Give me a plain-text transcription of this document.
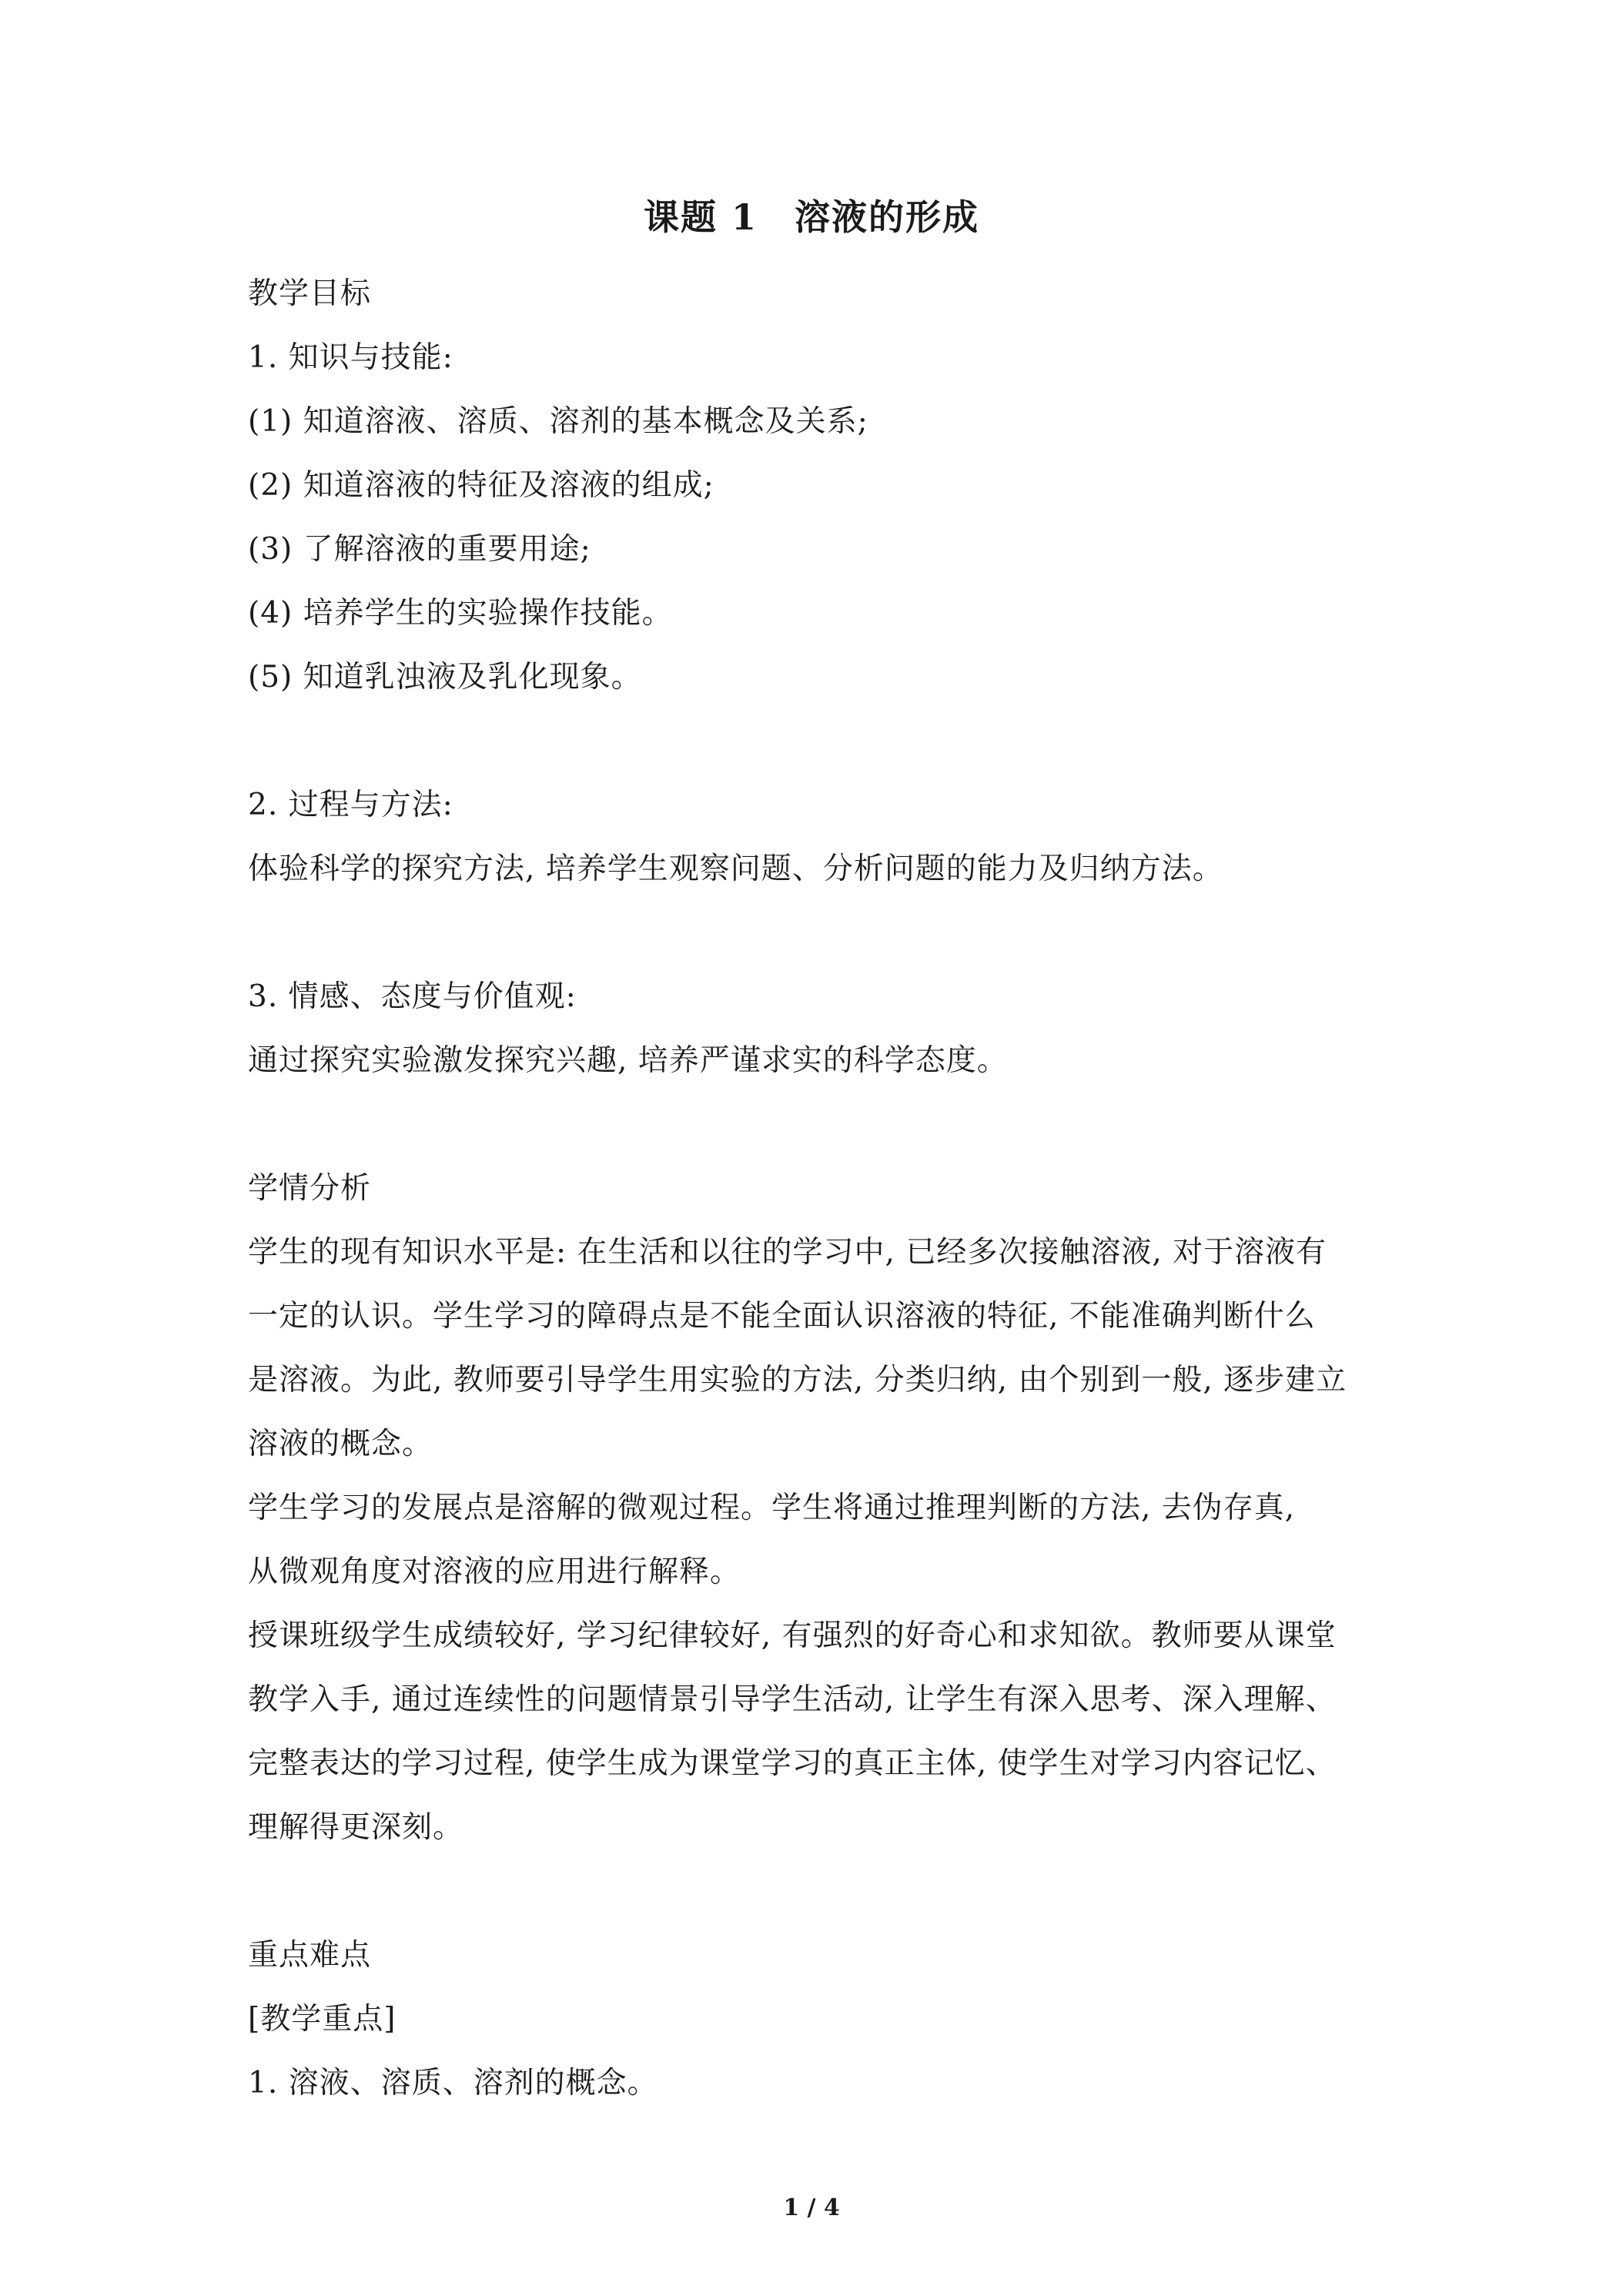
课题 1　溶液的形成
教学目标
1. 知识与技能:
(1) 知道溶液、溶质、溶剂的基本概念及关系;
(2) 知道溶液的特征及溶液的组成;
(3) 了解溶液的重要用途;
(4) 培养学生的实验操作技能。
(5) 知道乳浊液及乳化现象。
2. 过程与方法:
体验科学的探究方法, 培养学生观察问题、分析问题的能力及归纳方法。
3. 情感、态度与价值观:
通过探究实验激发探究兴趣, 培养严谨求实的科学态度。
学情分析
学生的现有知识水平是: 在生活和以往的学习中, 已经多次接触溶液, 对于溶液有
一定的认识。学生学习的障碍点是不能全面认识溶液的特征, 不能准确判断什么
是溶液。为此, 教师要引导学生用实验的方法, 分类归纳, 由个别到一般, 逐步建立
溶液的概念。
学生学习的发展点是溶解的微观过程。学生将通过推理判断的方法, 去伪存真,
从微观角度对溶液的应用进行解释。
授课班级学生成绩较好, 学习纪律较好, 有强烈的好奇心和求知欲。教师要从课堂
教学入手, 通过连续性的问题情景引导学生活动, 让学生有深入思考、深入理解、
完整表达的学习过程, 使学生成为课堂学习的真正主体, 使学生对学习内容记忆、
理解得更深刻。
重点难点
[教学重点]
1. 溶液、溶质、溶剂的概念。
1 / 4
